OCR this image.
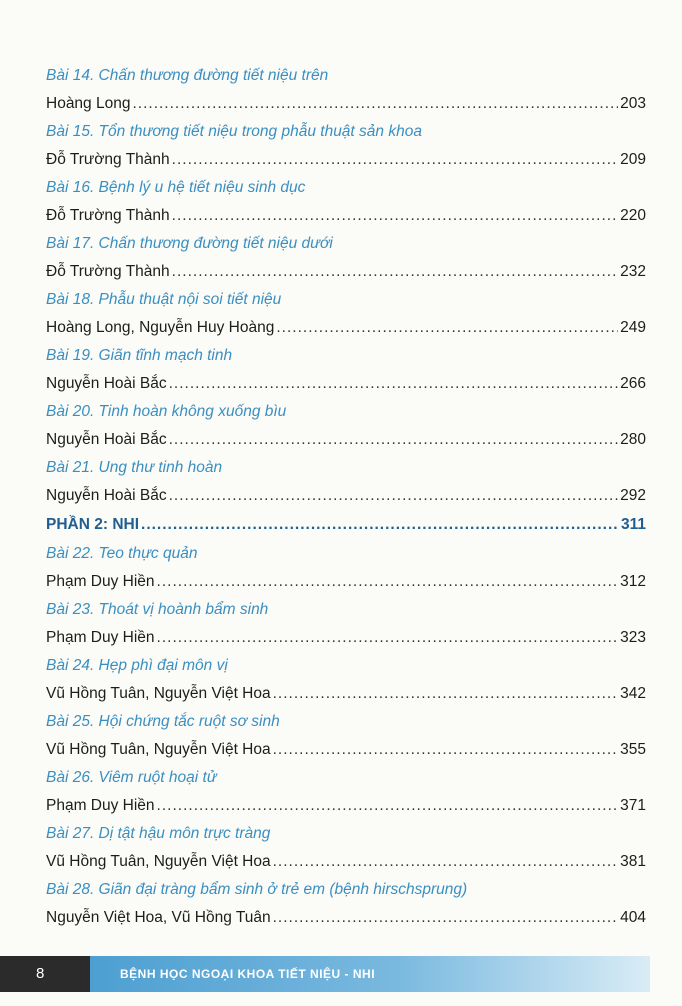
Bài 14. Chấn thương đường tiết niệu trên
Hoàng Long .....	203
Bài 15. Tổn thương tiết niệu trong phẫu thuật sản khoa
Đỗ Trường Thành .....	209
Bài 16. Bệnh lý u hệ tiết niệu sinh dục
Đỗ Trường Thành .....	220
Bài 17. Chấn thương đường tiết niệu dưới
Đỗ Trường Thành .....	232
Bài 18. Phẫu thuật nội soi tiết niệu
Hoàng Long, Nguyễn Huy Hoàng .....	249
Bài 19. Giãn tĩnh mạch tinh
Nguyễn Hoài Bắc .....	266
Bài 20. Tinh hoàn không xuống bìu
Nguyễn Hoài Bắc .....	280
Bài 21. Ung thư tinh hoàn
Nguyễn Hoài Bắc .....	292
PHẦN 2: NHI .....	311
Bài 22. Teo thực quản
Phạm Duy Hiền .....	312
Bài 23. Thoát vị hoành bẩm sinh
Phạm Duy Hiền .....	323
Bài 24. Hẹp phì đại môn vị
Vũ Hồng Tuân, Nguyễn Việt Hoa .....	342
Bài 25. Hội chứng tắc ruột sơ sinh
Vũ Hồng Tuân, Nguyễn Việt Hoa .....	355
Bài 26. Viêm ruột hoại tử
Phạm Duy Hiền .....	371
Bài 27. Dị tật hậu môn trực tràng
Vũ Hồng Tuân, Nguyễn Việt Hoa .....	381
Bài 28. Giãn đại tràng bẩm sinh ở trẻ em (bệnh hirschsprung)
Nguyễn Việt Hoa, Vũ Hồng Tuân .....	404
8	BỆNH HỌC NGOẠI KHOA TIẾT NIỆU - NHI
